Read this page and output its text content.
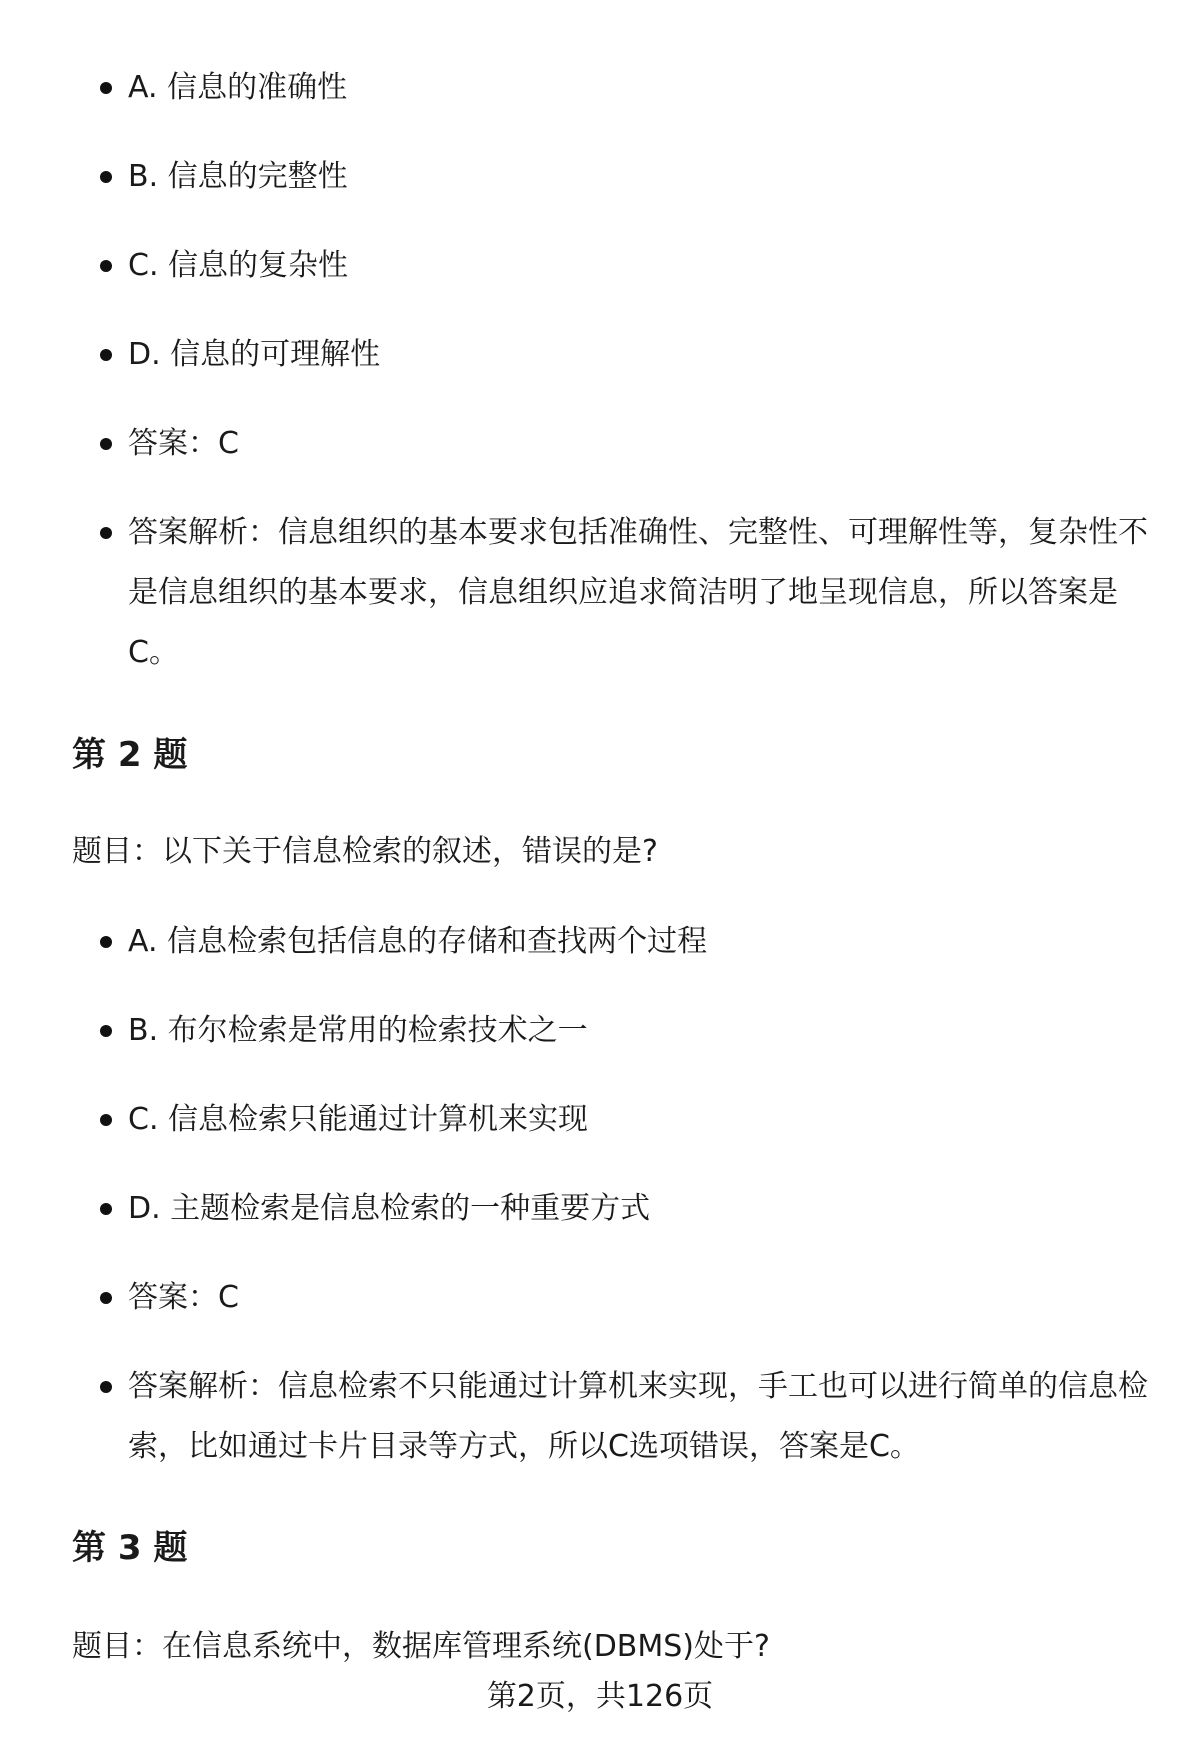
A. 信息的准确性
B. 信息的完整性
C. 信息的复杂性
D. 信息的可理解性
答案：C
答案解析：信息组织的基本要求包括准确性、完整性、可理解性等，复杂性不是信息组织的基本要求，信息组织应追求简洁明了地呈现信息，所以答案是C。
第 2 题
题目：以下关于信息检索的叙述，错误的是?
A. 信息检索包括信息的存储和查找两个过程
B. 布尔检索是常用的检索技术之一
C. 信息检索只能通过计算机来实现
D. 主题检索是信息检索的一种重要方式
答案：C
答案解析：信息检索不只能通过计算机来实现，手工也可以进行简单的信息检索，比如通过卡片目录等方式，所以C选项错误，答案是C。
第 3 题
题目：在信息系统中，数据库管理系统(DBMS)处于?
第2页，共126页
